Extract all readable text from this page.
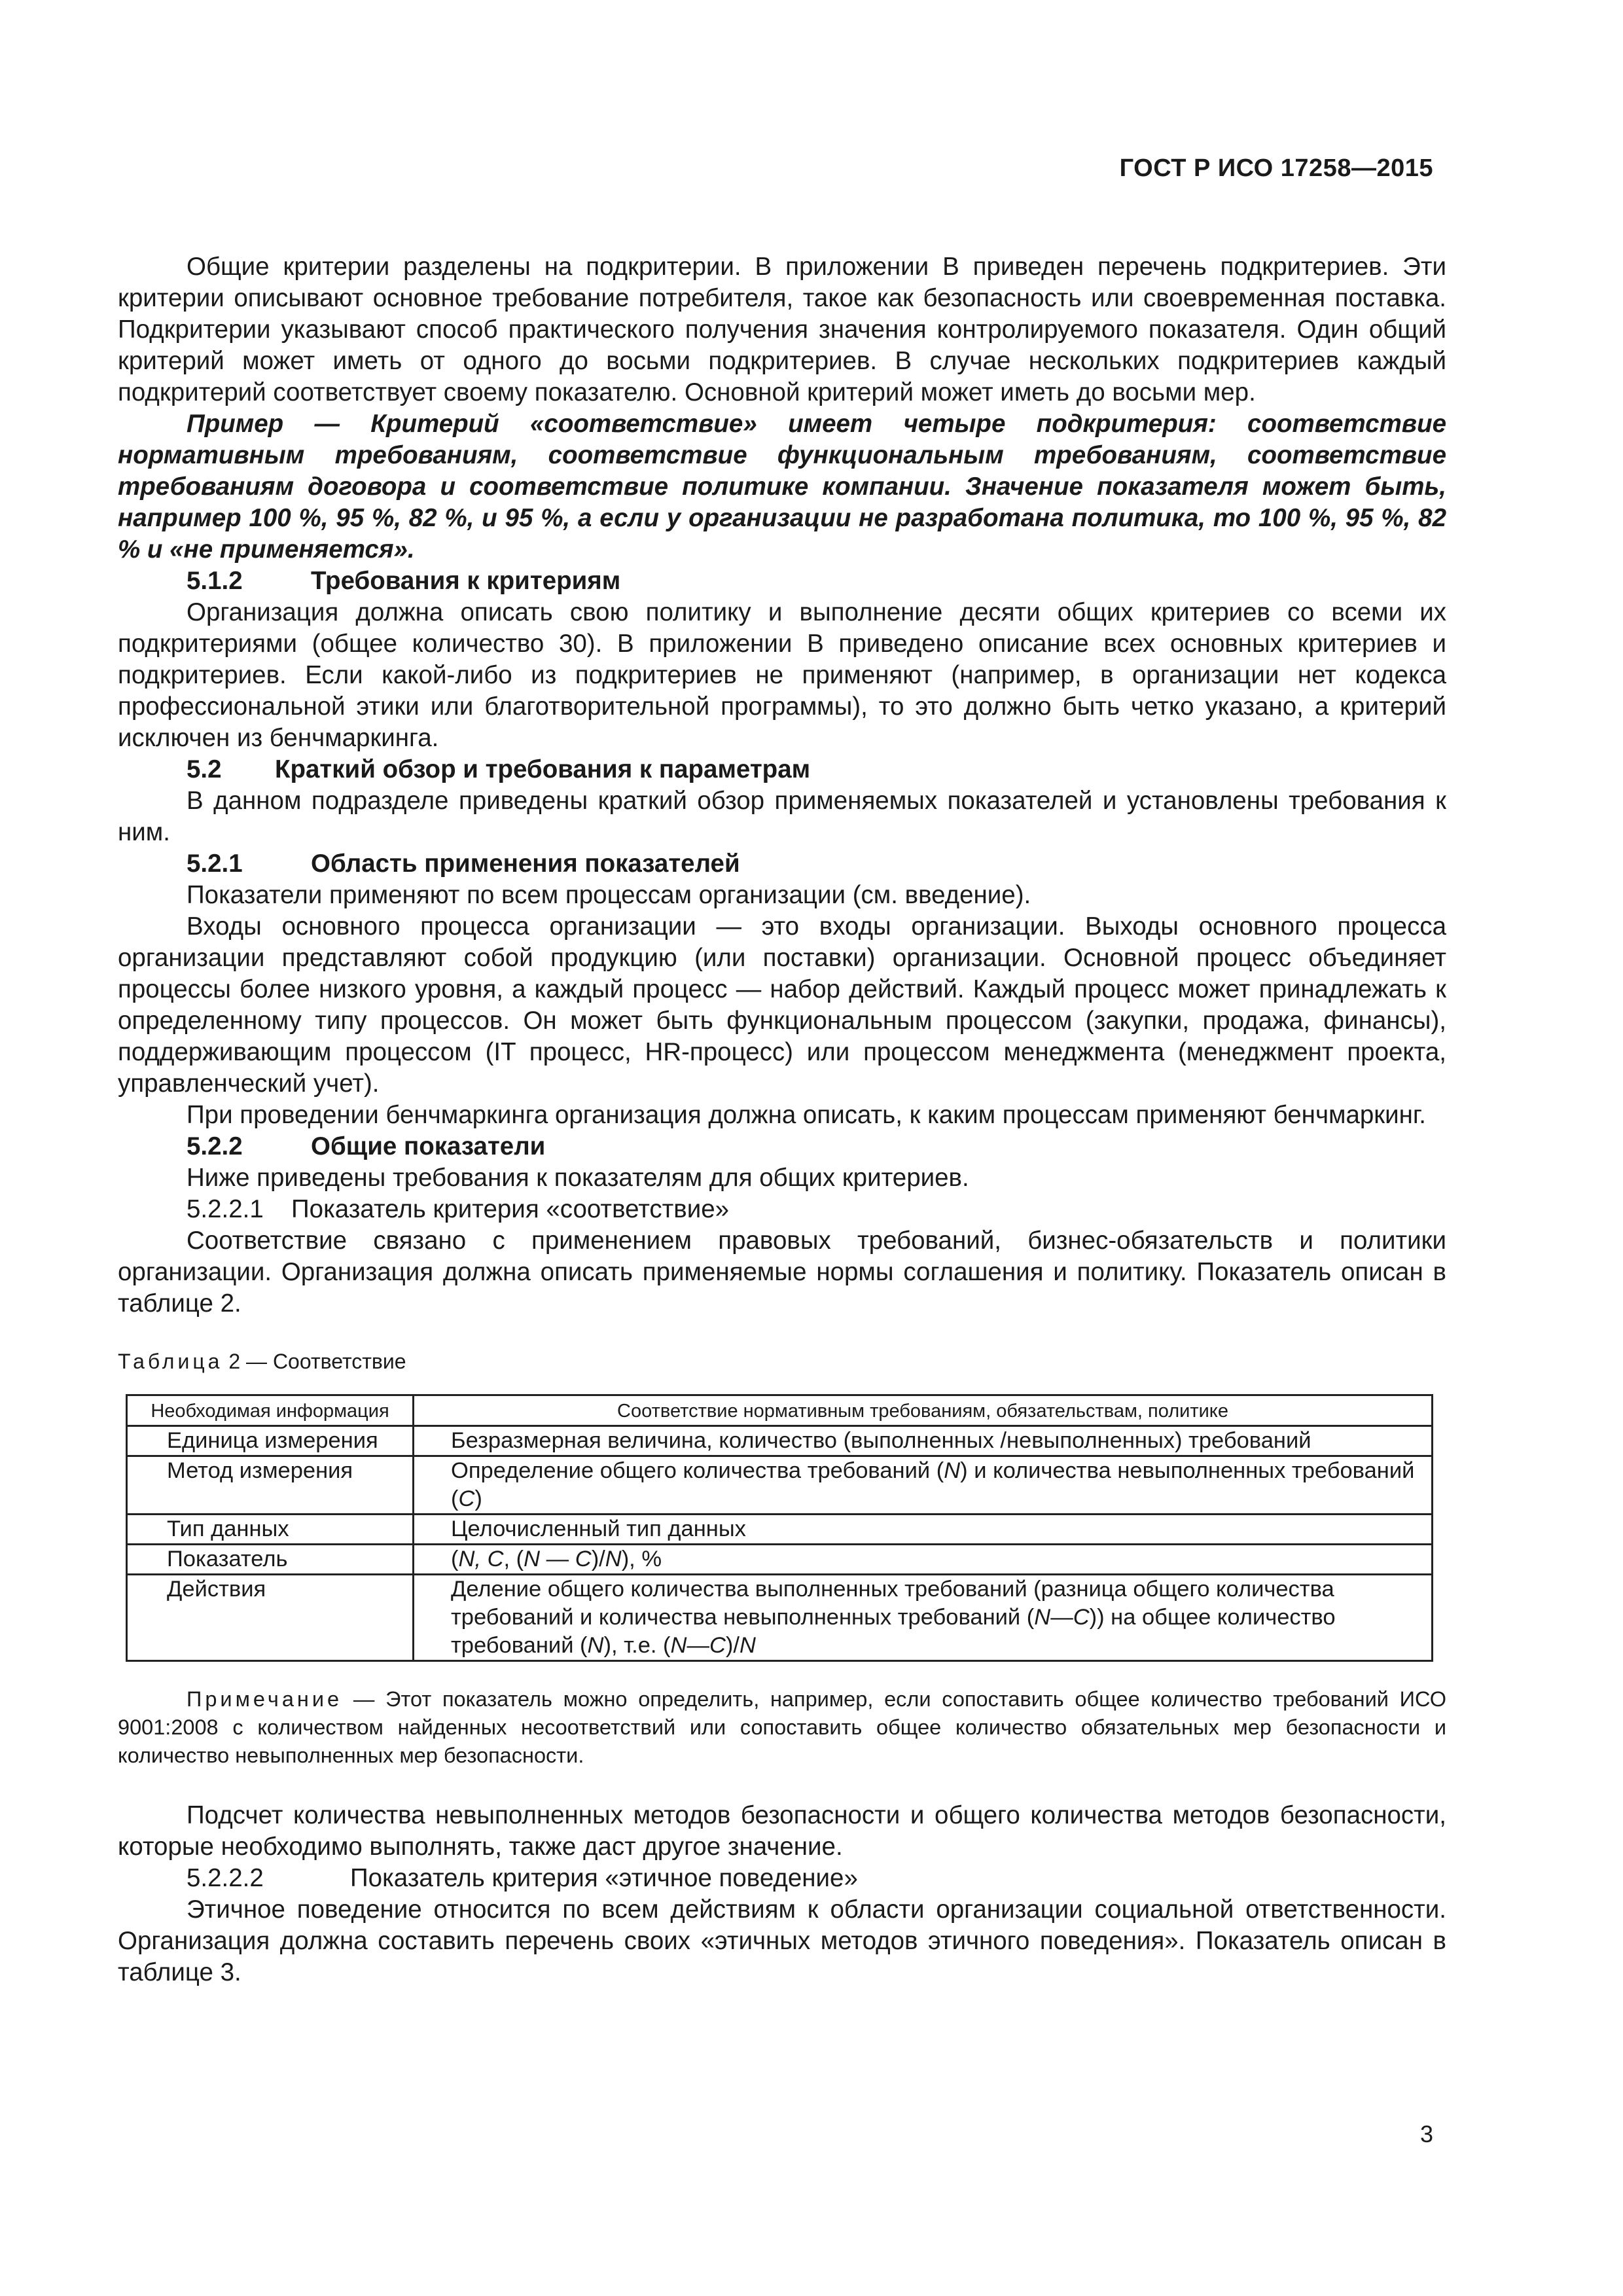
ГОСТ Р ИСО 17258—2015

Общие критерии разделены на подкритерии. В приложении В приведен перечень подкритериев. Эти критерии описывают основное требование потребителя, такое как безопасность или своевременная поставка. Подкритерии указывают способ практического получения значения контролируемого показателя. Один общий критерий может иметь от одного до восьми подкритериев. В случае нескольких подкритериев каждый подкритерий соответствует своему показателю. Основной критерий может иметь до восьми мер.

Пример — Критерий «соответствие» имеет четыре подкритерия: соответствие нормативным требованиям, соответствие функциональным требованиям, соответствие требованиям договора и соответствие политике компании. Значение показателя может быть, например 100 %, 95 %, 82 %, и 95 %, а если у организации не разработана политика, то 100 %, 95 %, 82 % и «не применяется».

5.1.2	Требования к критериям

Организация должна описать свою политику и выполнение десяти общих критериев со всеми их подкритериями (общее количество 30). В приложении В приведено описание всех основных критериев и подкритериев. Если какой-либо из подкритериев не применяют (например, в организации нет кодекса профессиональной этики или благотворительной программы), то это должно быть четко указано, а критерий исключен из бенчмаркинга.

5.2 Краткий обзор и требования к параметрам

В данном подразделе приведены краткий обзор применяемых показателей и установлены требования к ним.

5.2.1	Область применения показателей

Показатели применяют по всем процессам организации (см. введение).

Входы основного процесса организации — это входы организации. Выходы основного процесса организации представляют собой продукцию (или поставки) организации. Основной процесс объединяет процессы более низкого уровня, а каждый процесс — набор действий. Каждый процесс может принадлежать к определенному типу процессов. Он может быть функциональным процессом (закупки, продажа, финансы), поддерживающим процессом (IT процесс, HR-процесс) или процессом менеджмента (менеджмент проекта, управленческий учет).

При проведении бенчмаркинга организация должна описать, к каким процессам применяют бенчмаркинг.

5.2.2	Общие показатели

Ниже приведены требования к показателям для общих критериев.

5.2.2.1 Показатель критерия «соответствие»

Соответствие связано с применением правовых требований, бизнес-обязательств и политики организации. Организация должна описать применяемые нормы соглашения и политику. Показатель описан в таблице 2.

Таблица 2 — Соответствие
Необходимая информация	Соответствие нормативным требованиям, обязательствам, политике
Единица измерения	Безразмерная величина, количество (выполненных /невыполненных) требований
Метод измерения	Определение общего количества требований (N) и количества невыполненных требований (С)
Тип данных	Целочисленный тип данных
Показатель	(N, С, (N — С)/N), %
Действия	Деление общего количества выполненных требований (разница общего количества требований и количества невыполненных требований (N—С)) на общее количество требований (N), т.е. (N—С)/N

Примечание — Этот показатель можно определить, например, если сопоставить общее количество требований ИСО 9001:2008 с количеством найденных несоответствий или сопоставить общее количество обязательных мер безопасности и количество невыполненных мер безопасности.

Подсчет количества невыполненных методов безопасности и общего количества методов безопасности, которые необходимо выполнять, также даст другое значение.

5.2.2.2	Показатель критерия «этичное поведение»

Этичное поведение относится по всем действиям к области организации социальной ответственности. Организация должна составить перечень своих «этичных методов этичного поведения». Показатель описан в таблице 3.

3
